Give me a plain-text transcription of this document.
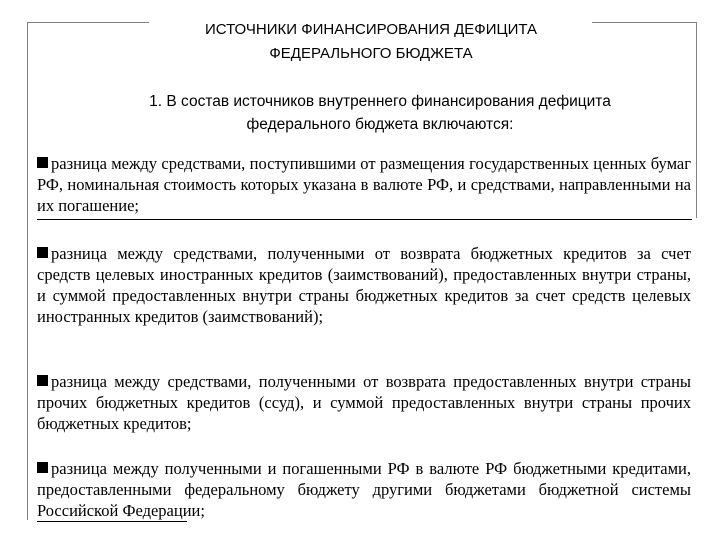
ИСТОЧНИКИ ФИНАНСИРОВАНИЯ ДЕФИЦИТА
ФЕДЕРАЛЬНОГО БЮДЖЕТА
1. В состав источников внутреннего финансирования дефицита
федерального бюджета включаются:
разница между средствами, поступившими от размещения государственных ценных бумаг РФ, номинальная стоимость которых указана в валюте РФ, и средствами, направленными на их погашение;
разница между средствами, полученными от возврата бюджетных кредитов за счет средств целевых иностранных кредитов (заимствований), предоставленных внутри страны, и суммой предоставленных внутри страны бюджетных кредитов за счет средств целевых иностранных кредитов (заимствований);
разница между средствами, полученными от возврата предоставленных внутри страны прочих бюджетных кредитов (ссуд), и суммой предоставленных внутри страны прочих бюджетных кредитов;
разница между полученными и погашенными РФ в валюте РФ бюджетными кредитами, предоставленными федеральному бюджету другими бюджетами бюджетной системы Российской Федерации;
